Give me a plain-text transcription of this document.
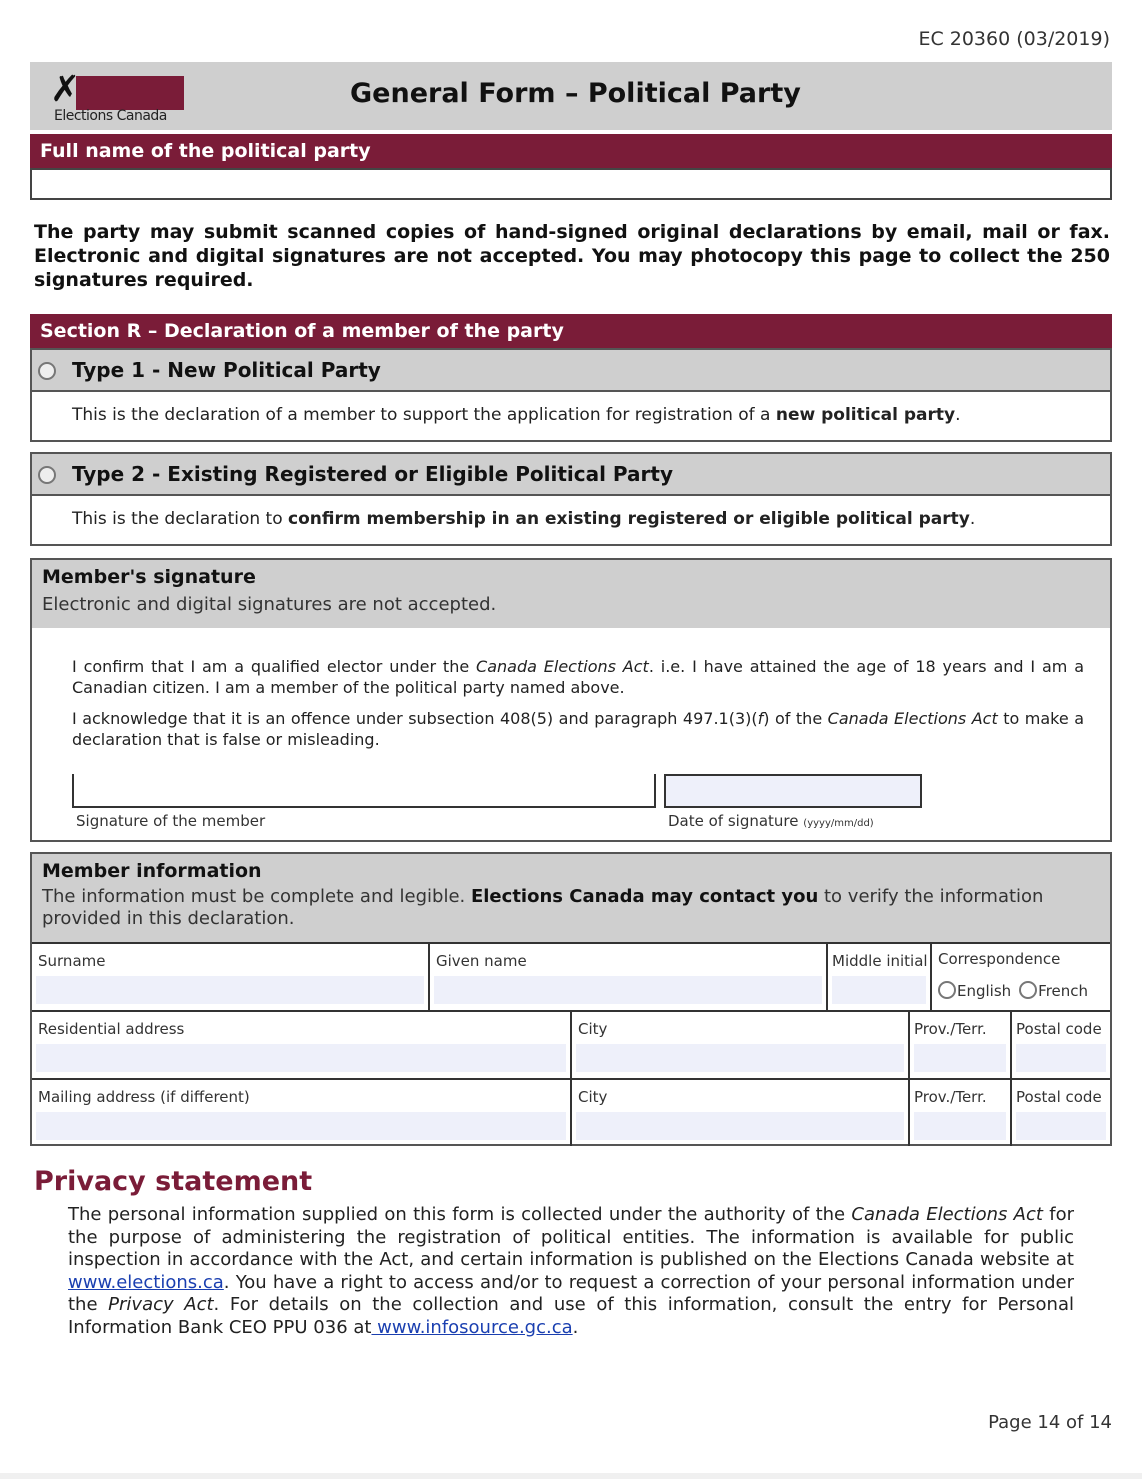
EC 20360 (03/2019)
✗
Elections Canada
General Form – Political Party
Full name of the political party
The party may submit scanned copies of hand-signed original declarations by email, mail or fax. Electronic and digital signatures are not accepted. You may photocopy this page to collect the 250 signatures required.
Section R – Declaration of a member of the party
Type 1 - New Political Party
This is the declaration of a member to support the application for registration of a new political party.
Type 2 - Existing Registered or Eligible Political Party
This is the declaration to confirm membership in an existing registered or eligible political party.
Member's signature
Electronic and digital signatures are not accepted.
I confirm that I am a qualified elector under the Canada Elections Act. i.e. I have attained the age of 18 years and I am a Canadian citizen. I am a member of the political party named above.
I acknowledge that it is an offence under subsection 408(5) and paragraph 497.1(3)(f) of the Canada Elections Act to make a declaration that is false or misleading.
Signature of the member	Date of signature (yyyy/mm/dd)
Member information
The information must be complete and legible. Elections Canada may contact you to verify the information provided in this declaration.
Surname	Given name	Middle initial Correspondence
English French
Residential address	City	Prov./Terr. Postal code
Mailing address (if different)	City	Prov./Terr. Postal code
Privacy statement
The personal information supplied on this form is collected under the authority of the Canada Elections Act for the purpose of administering the registration of political entities. The information is available for public inspection in accordance with the Act, and certain information is published on the Elections Canada website at www.elections.ca. You have a right to access and/or to request a correction of your personal information under the Privacy Act. For details on the collection and use of this information, consult the entry for Personal Information Bank CEO PPU 036 at www.infosource.gc.ca.
Page 14 of 14
